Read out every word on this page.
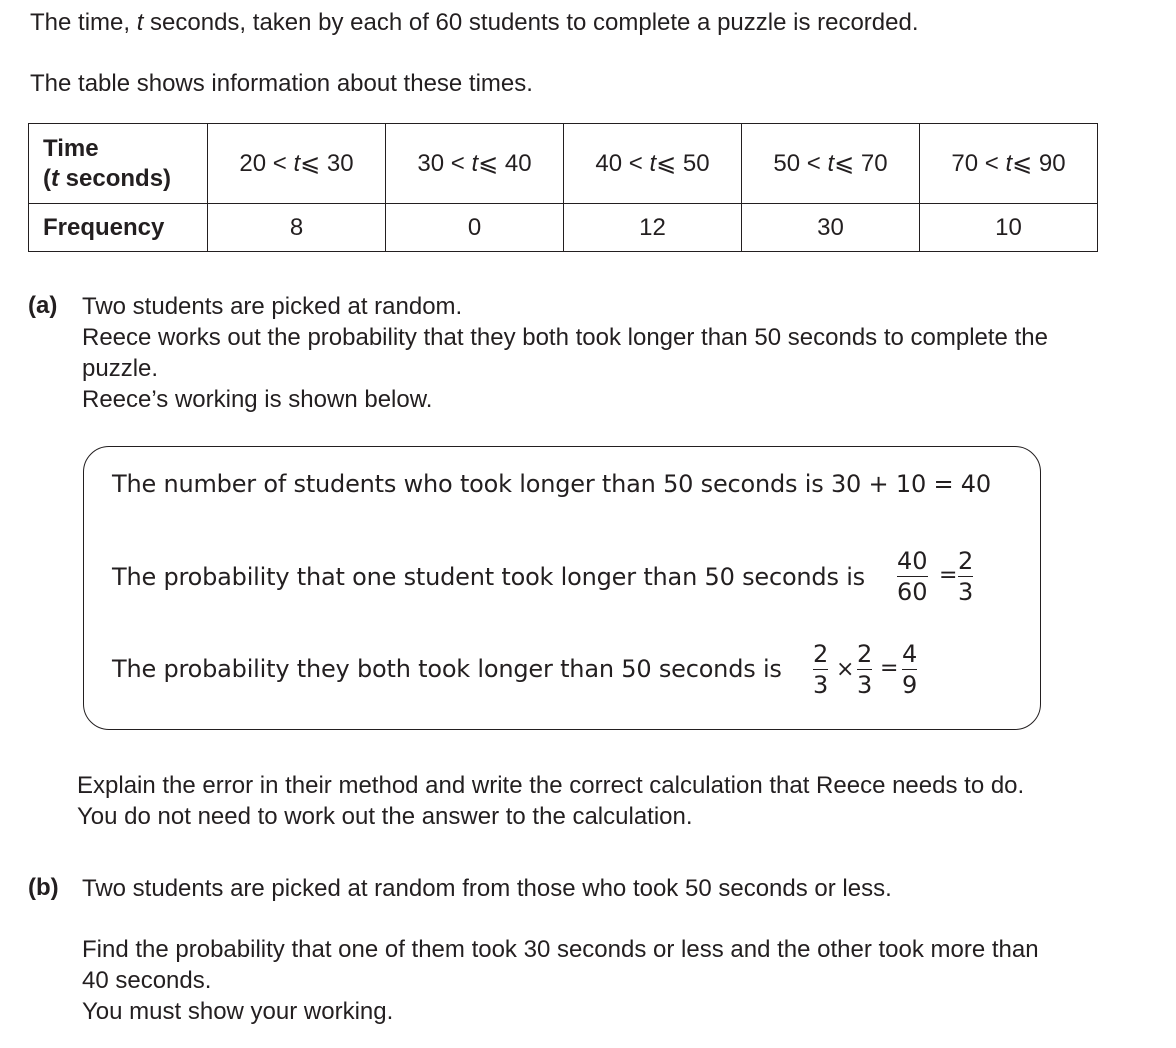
The time, t seconds, taken by each of 60 students to complete a puzzle is recorded.
The table shows information about these times.
Time
(t seconds)	20 < t⩽ 30	30 < t⩽ 40	40 < t⩽ 50	50 < t⩽ 70	70 < t⩽ 90
Frequency	8	0	12	30	10
(a) Two students are picked at random.
Reece works out the probability that they both took longer than 50 seconds to complete the
puzzle.
Reece’s working is shown below.
The number of students who took longer than 50 seconds is 30 + 10 = 40
The probability that one student took longer than 50 seconds is
40
60
=
2
3
The probability they both took longer than 50 seconds is
2
3
×
2
3
=
4
9
Explain the error in their method and write the correct calculation that Reece needs to do.
You do not need to work out the answer to the calculation.
(b) Two students are picked at random from those who took 50 seconds or less.
Find the probability that one of them took 30 seconds or less and the other took more than
40 seconds.
You must show your working.
